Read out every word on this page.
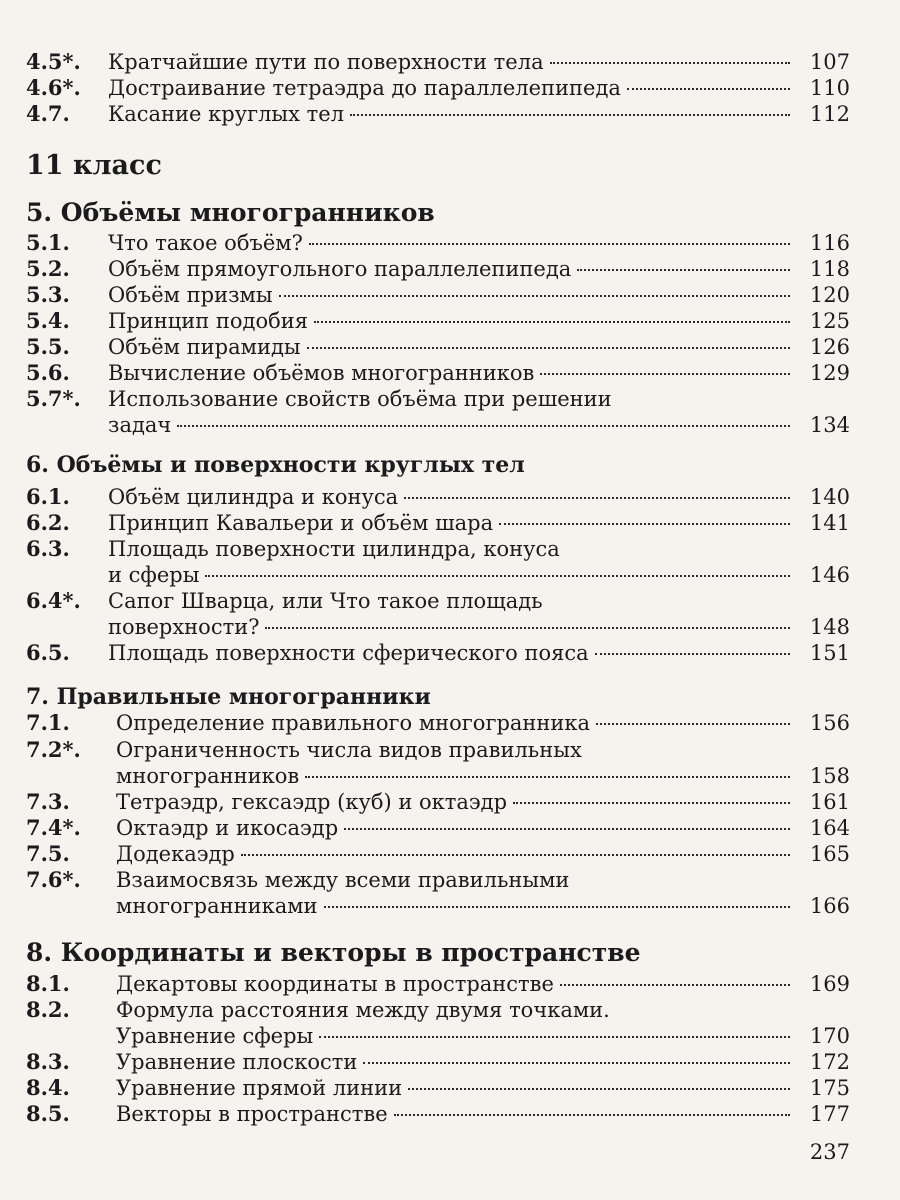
4.5*.	Кратчайшие пути по поверхности тела	107
4.6*.	Достраивание тетраэдра до параллелепипеда	110
4.7.	Касание круглых тел	112
11 класс
5. Объёмы многогранников
5.1.	Что такое объём?	116
5.2.	Объём прямоугольного параллелепипеда	118
5.3.	Объём призмы	120
5.4.	Принцип подобия	125
5.5.	Объём пирамиды	126
5.6.	Вычисление объёмов многогранников	129
5.7*.	Использование свойств объёма при решении
задач	134
6. Объёмы и поверхности круглых тел
6.1.	Объём цилиндра и конуса	140
6.2.	Принцип Кавальери и объём шара	141
6.3.	Площадь поверхности цилиндра, конуса
и сферы	146
6.4*.	Сапог Шварца, или Что такое площадь
поверхности?	148
6.5.	Площадь поверхности сферического пояса	151
7. Правильные многогранники
7.1.	Определение правильного многогранника	156
7.2*.	Ограниченность числа видов правильных
многогранников	158
7.3.	Тетраэдр, гексаэдр (куб) и октаэдр	161
7.4*.	Октаэдр и икосаэдр	164
7.5.	Додекаэдр	165
7.6*.	Взаимосвязь между всеми правильными
многогранниками	166
8. Координаты и векторы в пространстве
8.1.	Декартовы координаты в пространстве	169
8.2.	Формула расстояния между двумя точками.
Уравнение сферы	170
8.3.	Уравнение плоскости	172
8.4.	Уравнение прямой линии	175
8.5.	Векторы в пространстве	177
237
